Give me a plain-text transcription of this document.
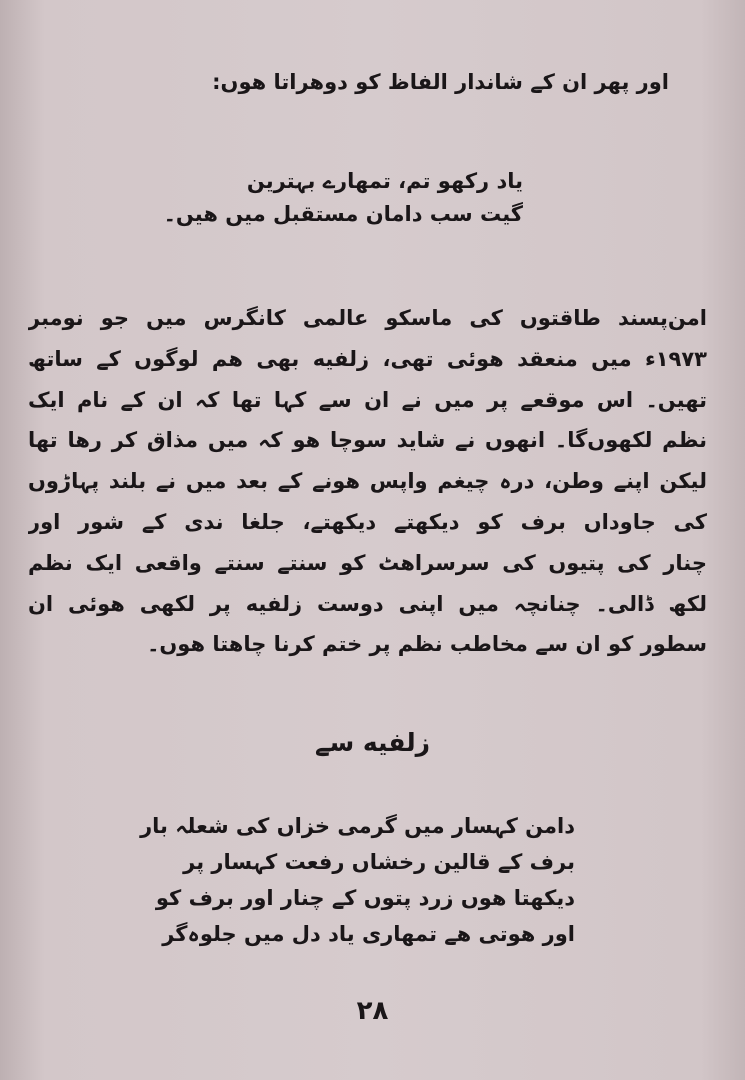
اور پھر ان کے شاندار الفاظ کو دوھراتا ھوں:
یاد رکھو تم، تمھارے بہترین
گیت سب دامان مستقبل میں ھیں۔
امن‌پسند طاقتوں کی ماسکو عالمی کانگرس میں جو نومبر
۱۹۷۳ء میں منعقد ھوئی تھی، زلفیه بھی ھم لوگوں کے ساتھ
تھیں۔ اس موقعے پر میں نے ان سے کہا تھا کہ ان کے نام ایک
نظم لکھوں‌گا۔ انھوں نے شاید سوچا ھو کہ میں مذاق کر رھا تھا
لیکن اپنے وطن، درہ چیغم واپس ھونے کے بعد میں نے بلند پہاڑوں
کی جاوداں برف کو دیکھتے دیکھتے، جلغا ندی کے شور اور
چنار کی پتیوں کی سرسراھٹ کو سنتے سنتے واقعی ایک نظم
لکھ ڈالی۔ چنانچہ میں اپنی دوست زلفیه پر لکھی ھوئی ان
سطور کو ان سے مخاطب نظم پر ختم کرنا چاھتا ھوں۔
زلفیه سے
دامن کہسار میں گرمی خزاں کی شعلہ بار
برف کے قالین رخشاں رفعت کہسار پر
دیکھتا ھوں زرد پتوں کے چنار اور برف کو
اور ھوتی ھے تمھاری یاد دل میں جلوہ‌گر
۲۸
